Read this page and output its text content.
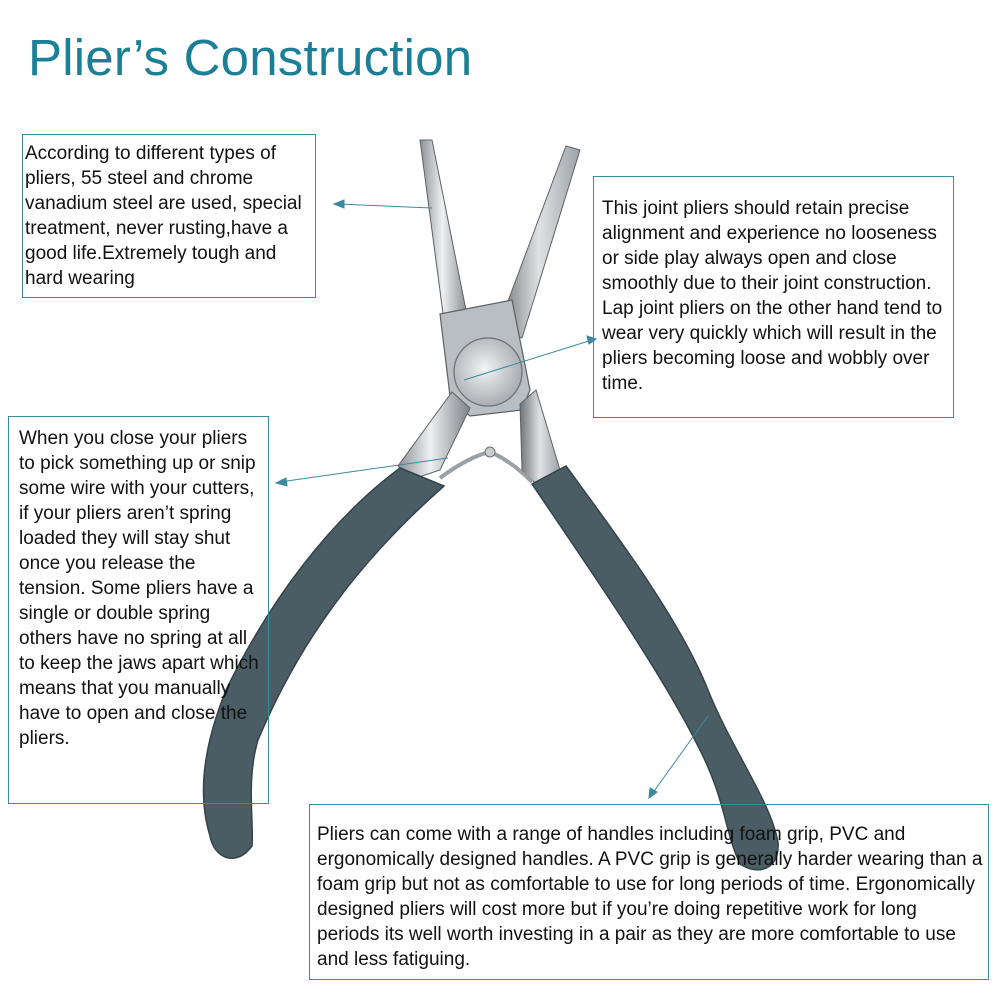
Plier’s Construction

According to different types of pliers, 55 steel and chrome vanadium steel are used, special treatment, never rusting,have a good life.Extremely tough and hard wearing

This joint pliers should retain precise alignment and experience no looseness or side play always open and close smoothly due to their joint construction. Lap joint pliers on the other hand tend to wear very quickly which will result in the pliers becoming loose and wobbly over time.

When you close your pliers to pick something up or snip some wire with your cutters, if your pliers aren’t spring loaded they will stay shut once you release the tension. Some pliers have a single or double spring others have no spring at all to keep the jaws apart which means that you manually have to open and close the pliers.

Pliers can come with a range of handles including foam grip, PVC and ergonomically designed handles. A PVC grip is generally harder wearing than a foam grip but not as comfortable to use for long periods of time. Ergonomically designed pliers will cost more but if you’re doing repetitive work for long periods its well worth investing in a pair as they are more comfortable to use and less fatiguing.
